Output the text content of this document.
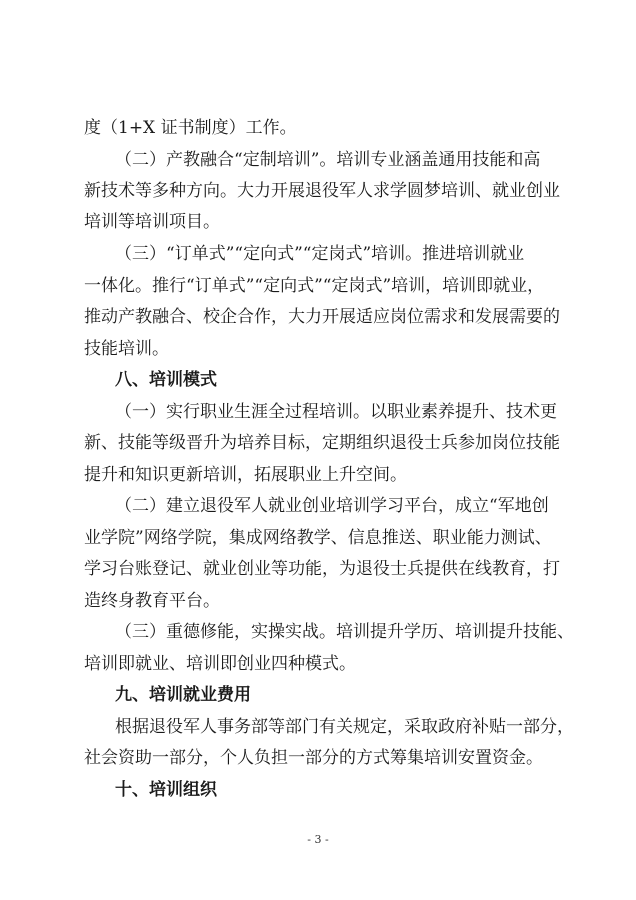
度（1+X 证书制度）工作。
（二）产教融合“定制培训”。培训专业涵盖通用技能和高
新技术等多种方向。大力开展退役军人求学圆梦培训、就业创业
培训等培训项目。
（三）“订单式”“定向式”“定岗式”培训。推进培训就业
一体化。推行“订单式”“定向式”“定岗式”培训，培训即就业，
推动产教融合、校企合作，大力开展适应岗位需求和发展需要的
技能培训。
八、培训模式
（一）实行职业生涯全过程培训。以职业素养提升、技术更
新、技能等级晋升为培养目标，定期组织退役士兵参加岗位技能
提升和知识更新培训，拓展职业上升空间。
（二）建立退役军人就业创业培训学习平台，成立“军地创
业学院”网络学院，集成网络教学、信息推送、职业能力测试、
学习台账登记、就业创业等功能，为退役士兵提供在线教育，打
造终身教育平台。
（三）重德修能，实操实战。培训提升学历、培训提升技能、
培训即就业、培训即创业四种模式。
九、培训就业费用
根据退役军人事务部等部门有关规定，采取政府补贴一部分，
社会资助一部分，个人负担一部分的方式筹集培训安置资金。
十、培训组织
- 3 -
